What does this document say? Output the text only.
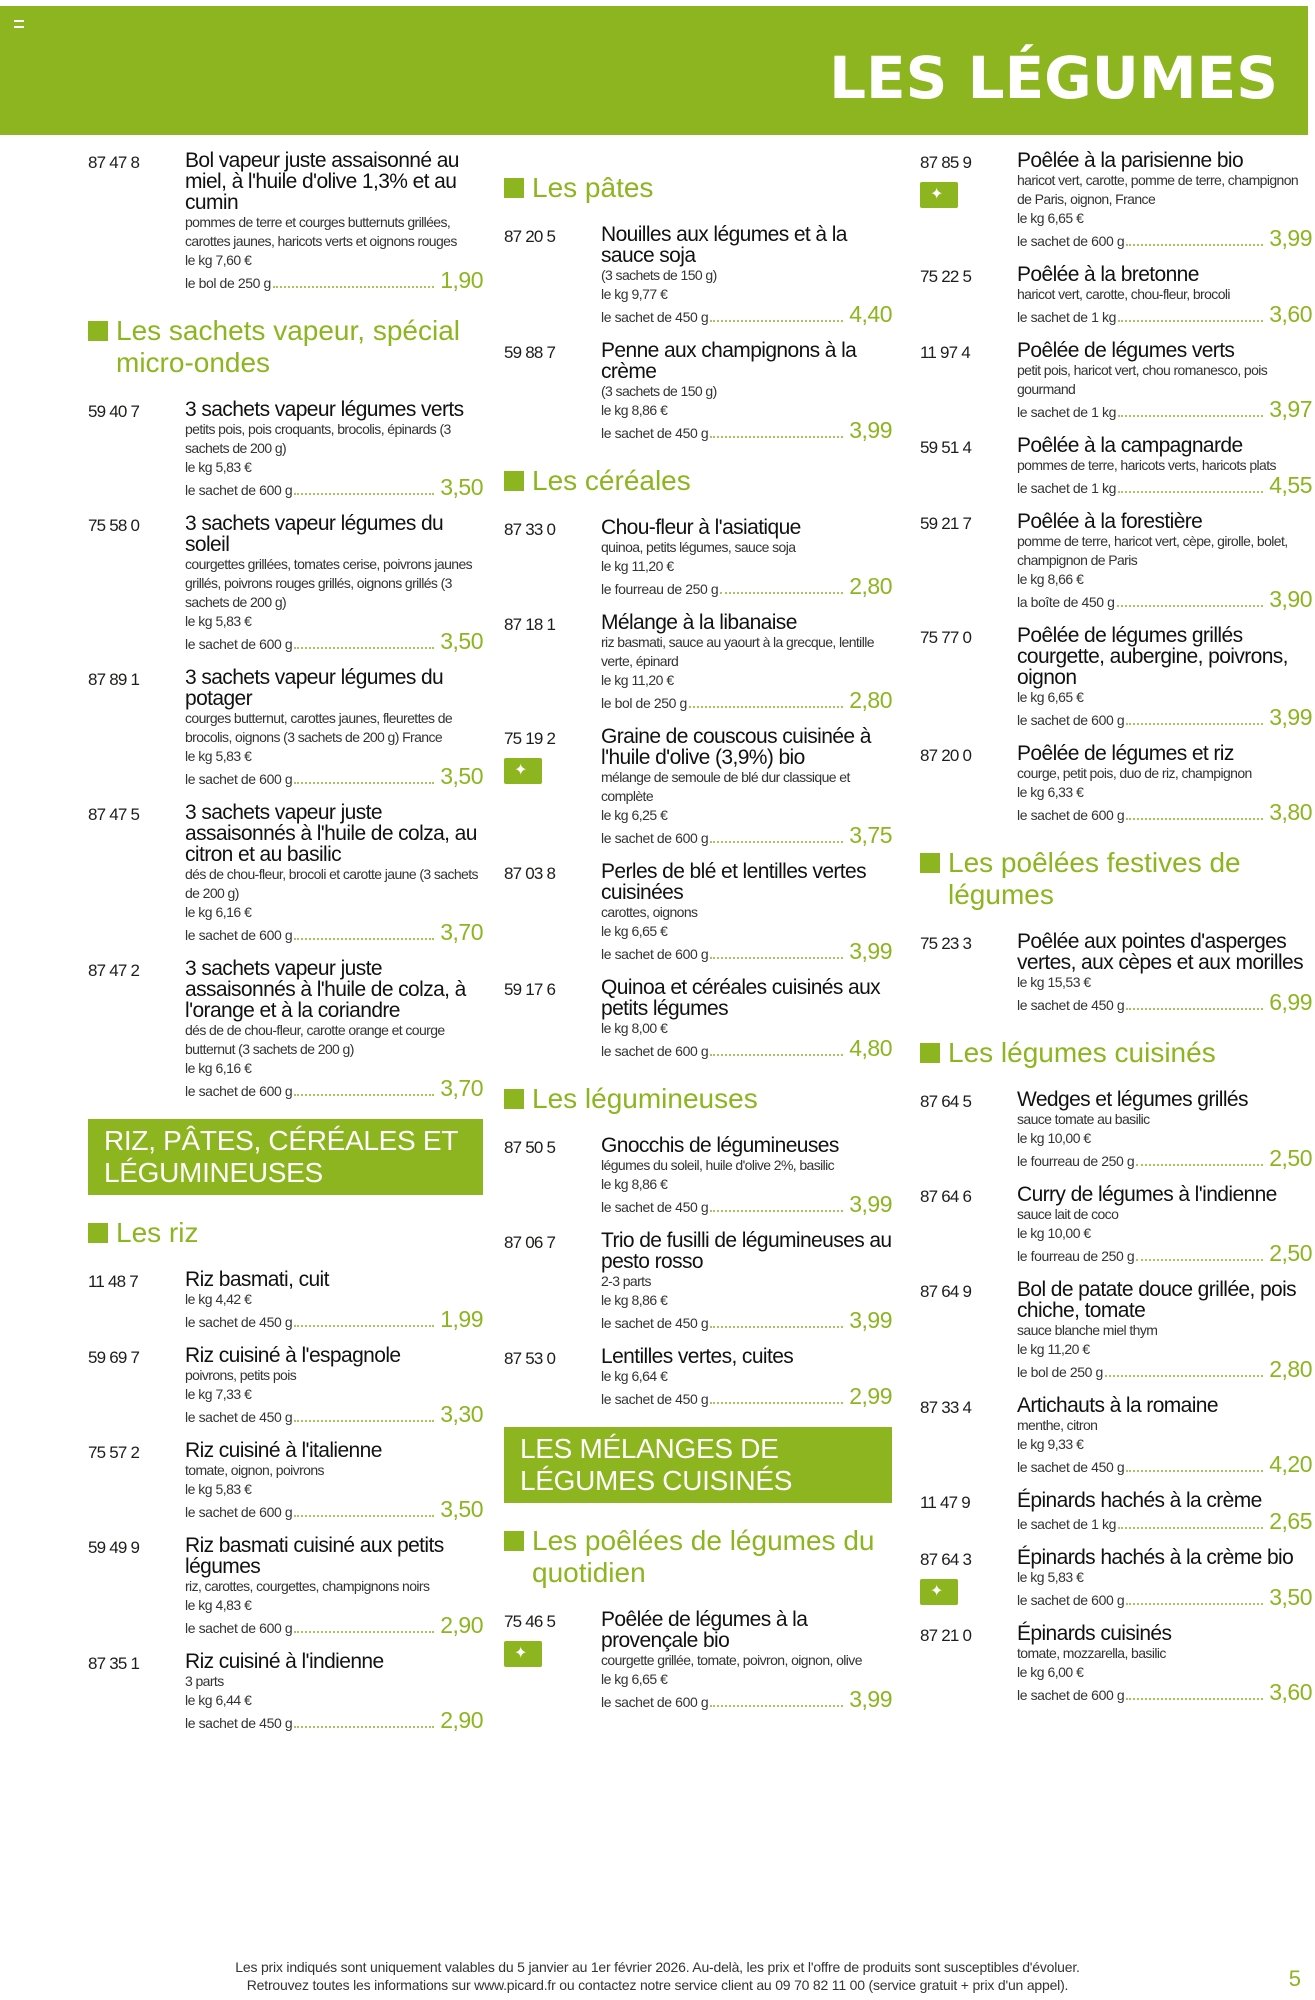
LES LÉGUMES
87 47 8	Bol vapeur juste assaisonné au miel, à l'huile d'olive 1,3% et au cumin
pommes de terre et courges butternuts grillées, carottes jaunes, haricots verts et oignons rouges
le kg 7,60 €
le bol de 250 g	1,90
Les sachets vapeur, spécial micro-ondes
59 40 7	3 sachets vapeur légumes verts
petits pois, pois croquants, brocolis, épinards (3 sachets de 200 g)
le kg 5,83 €
le sachet de 600 g	3,50
75 58 0	3 sachets vapeur légumes du soleil
courgettes grillées, tomates cerise, poivrons jaunes grillés, poivrons rouges grillés, oignons grillés (3 sachets de 200 g)
le kg 5,83 €
le sachet de 600 g	3,50
87 89 1	3 sachets vapeur légumes du potager
courges butternut, carottes jaunes, fleurettes de brocolis, oignons (3 sachets de 200 g) France
le kg 5,83 €
le sachet de 600 g	3,50
87 47 5	3 sachets vapeur juste assaisonnés à l'huile de colza, au citron et au basilic
dés de chou-fleur, brocoli et carotte jaune (3 sachets de 200 g)
le kg 6,16 €
le sachet de 600 g	3,70
87 47 2	3 sachets vapeur juste assaisonnés à l'huile de colza, à l'orange et à la coriandre
dés de de chou-fleur, carotte orange et courge butternut (3 sachets de 200 g)
le kg 6,16 €
le sachet de 600 g	3,70
RIZ, PÂTES, CÉRÉALES ET LÉGUMINEUSES
Les riz
11 48 7	Riz basmati, cuit
le kg 4,42 €
le sachet de 450 g	1,99
59 69 7	Riz cuisiné à l'espagnole
poivrons, petits pois
le kg 7,33 €
le sachet de 450 g	3,30
75 57 2	Riz cuisiné à l'italienne
tomate, oignon, poivrons
le kg 5,83 €
le sachet de 600 g	3,50
59 49 9	Riz basmati cuisiné aux petits légumes
riz, carottes, courgettes, champignons noirs
le kg 4,83 €
le sachet de 600 g	2,90
87 35 1	Riz cuisiné à l'indienne
3 parts
le kg 6,44 €
le sachet de 450 g	2,90
Les pâtes
87 20 5	Nouilles aux légumes et à la sauce soja
(3 sachets de 150 g)
le kg 9,77 €
le sachet de 450 g	4,40
59 88 7	Penne aux champignons à la crème
(3 sachets de 150 g)
le kg 8,86 €
le sachet de 450 g	3,99
Les céréales
87 33 0	Chou-fleur à l'asiatique
quinoa, petits légumes, sauce soja
le kg 11,20 €
le fourreau de 250 g	2,80
87 18 1	Mélange à la libanaise
riz basmati, sauce au yaourt à la grecque, lentille verte, épinard
le kg 11,20 €
le bol de 250 g	2,80
75 19 2
✦	Graine de couscous cuisinée à l'huile d'olive (3,9%) bio
mélange de semoule de blé dur classique et complète
le kg 6,25 €
le sachet de 600 g	3,75
87 03 8	Perles de blé et lentilles vertes cuisinées
carottes, oignons
le kg 6,65 €
le sachet de 600 g	3,99
59 17 6	Quinoa et céréales cuisinés aux petits légumes
le kg 8,00 €
le sachet de 600 g	4,80
Les légumineuses
87 50 5	Gnocchis de légumineuses
légumes du soleil, huile d'olive 2%, basilic
le kg 8,86 €
le sachet de 450 g	3,99
87 06 7	Trio de fusilli de légumineuses au pesto rosso
2-3 parts
le kg 8,86 €
le sachet de 450 g	3,99
87 53 0	Lentilles vertes, cuites
le kg 6,64 €
le sachet de 450 g	2,99
LES MÉLANGES DE LÉGUMES CUISINÉS
Les poêlées de légumes du quotidien
75 46 5
✦	Poêlée de légumes à la provençale bio
courgette grillée, tomate, poivron, oignon, olive
le kg 6,65 €
le sachet de 600 g	3,99
87 85 9
✦	Poêlée à la parisienne bio
haricot vert, carotte, pomme de terre, champignon de Paris, oignon, France
le kg 6,65 €
le sachet de 600 g	3,99
75 22 5	Poêlée à la bretonne
haricot vert, carotte, chou-fleur, brocoli
le sachet de 1 kg	3,60
11 97 4	Poêlée de légumes verts
petit pois, haricot vert, chou romanesco, pois gourmand
le sachet de 1 kg	3,97
59 51 4	Poêlée à la campagnarde
pommes de terre, haricots verts, haricots plats
le sachet de 1 kg	4,55
59 21 7	Poêlée à la forestière
pomme de terre, haricot vert, cèpe, girolle, bolet, champignon de Paris
le kg 8,66 €
la boîte de 450 g	3,90
75 77 0	Poêlée de légumes grillés courgette, aubergine, poivrons, oignon
le kg 6,65 €
le sachet de 600 g	3,99
87 20 0	Poêlée de légumes et riz
courge, petit pois, duo de riz, champignon
le kg 6,33 €
le sachet de 600 g	3,80
Les poêlées festives de légumes
75 23 3	Poêlée aux pointes d'asperges vertes, aux cèpes et aux morilles
le kg 15,53 €
le sachet de 450 g	6,99
Les légumes cuisinés
87 64 5	Wedges et légumes grillés
sauce tomate au basilic
le kg 10,00 €
le fourreau de 250 g	2,50
87 64 6	Curry de légumes à l'indienne
sauce lait de coco
le kg 10,00 €
le fourreau de 250 g	2,50
87 64 9	Bol de patate douce grillée, pois chiche, tomate
sauce blanche miel thym
le kg 11,20 €
le bol de 250 g	2,80
87 33 4	Artichauts à la romaine
menthe, citron
le kg 9,33 €
le sachet de 450 g	4,20
11 47 9	Épinards hachés à la crème
le sachet de 1 kg	2,65
87 64 3
✦	Épinards hachés à la crème bio
le kg 5,83 €
le sachet de 600 g	3,50
87 21 0	Épinards cuisinés
tomate, mozzarella, basilic
le kg 6,00 €
le sachet de 600 g	3,60
Les prix indiqués sont uniquement valables du 5 janvier au 1er février 2026. Au-delà, les prix et l'offre de produits sont susceptibles d'évoluer.
Retrouvez toutes les informations sur www.picard.fr ou contactez notre service client au 09 70 82 11 00 (service gratuit + prix d'un appel).	5
